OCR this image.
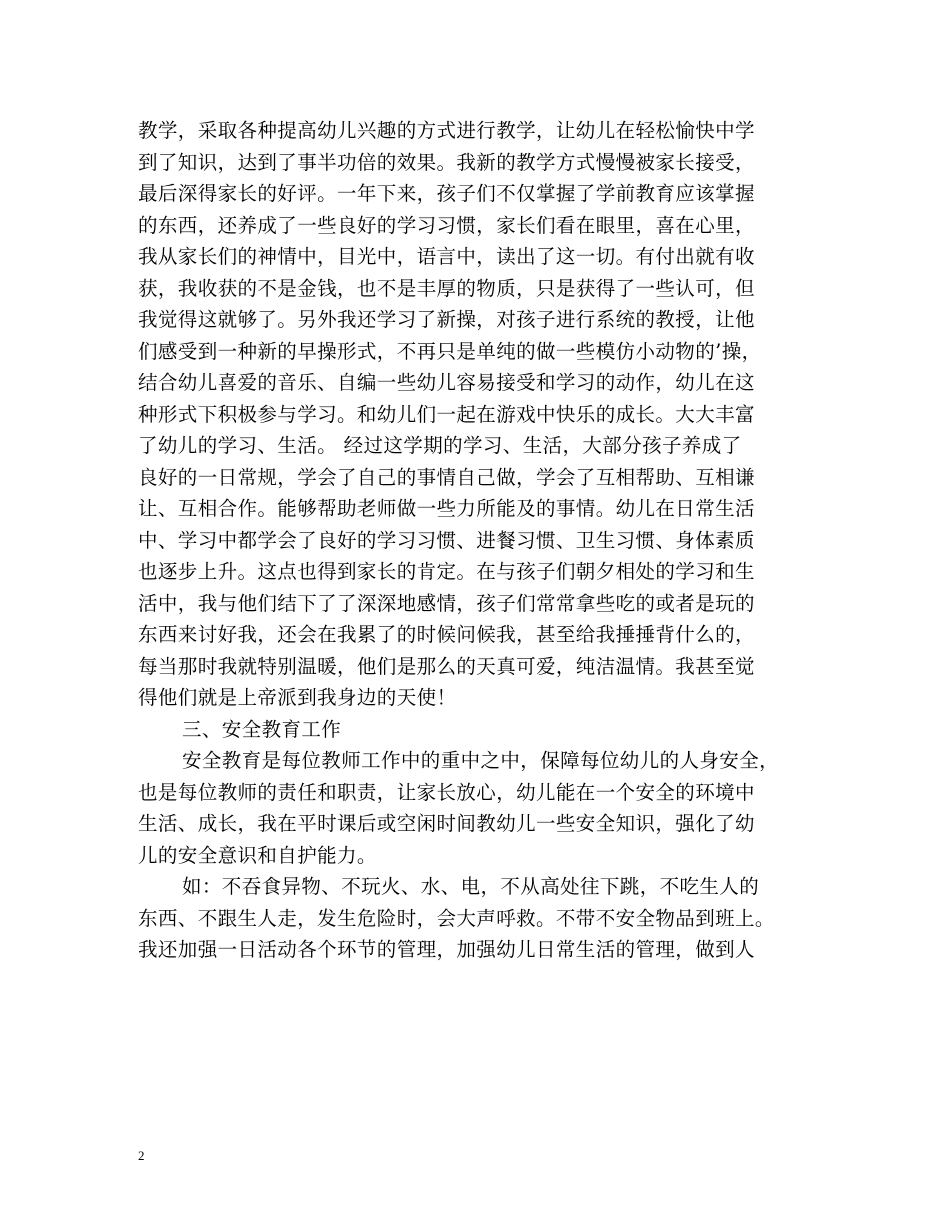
教学，采取各种提高幼儿兴趣的方式进行教学，让幼儿在轻松愉快中学
到了知识，达到了事半功倍的效果。我新的教学方式慢慢被家长接受，
最后深得家长的好评。一年下来，孩子们不仅掌握了学前教育应该掌握
的东西，还养成了一些良好的学习习惯，家长们看在眼里，喜在心里，
我从家长们的神情中，目光中，语言中，读出了这一切。有付出就有收
获，我收获的不是金钱，也不是丰厚的物质，只是获得了一些认可，但
我觉得这就够了。另外我还学习了新操，对孩子进行系统的教授，让他
们感受到一种新的早操形式，不再只是单纯的做一些模仿小动物的’操，
结合幼儿喜爱的音乐、自编一些幼儿容易接受和学习的动作，幼儿在这
种形式下积极参与学习。和幼儿们一起在游戏中快乐的成长。大大丰富
了幼儿的学习、生活。 经过这学期的学习、生活，大部分孩子养成了
良好的一日常规，学会了自己的事情自己做，学会了互相帮助、互相谦
让、互相合作。能够帮助老师做一些力所能及的事情。幼儿在日常生活
中、学习中都学会了良好的学习习惯、进餐习惯、卫生习惯、身体素质
也逐步上升。这点也得到家长的肯定。在与孩子们朝夕相处的学习和生
活中，我与他们结下了了深深地感情，孩子们常常拿些吃的或者是玩的
东西来讨好我，还会在我累了的时候问候我，甚至给我捶捶背什么的，
每当那时我就特别温暖，他们是那么的天真可爱，纯洁温情。我甚至觉
得他们就是上帝派到我身边的天使！
三、安全教育工作
安全教育是每位教师工作中的重中之中，保障每位幼儿的人身安全，
也是每位教师的责任和职责，让家长放心，幼儿能在一个安全的环境中
生活、成长，我在平时课后或空闲时间教幼儿一些安全知识，强化了幼
儿的安全意识和自护能力。
如：不吞食异物、不玩火、水、电，不从高处往下跳，不吃生人的
东西、不跟生人走，发生危险时，会大声呼救。不带不安全物品到班上。
我还加强一日活动各个环节的管理，加强幼儿日常生活的管理，做到人
2
